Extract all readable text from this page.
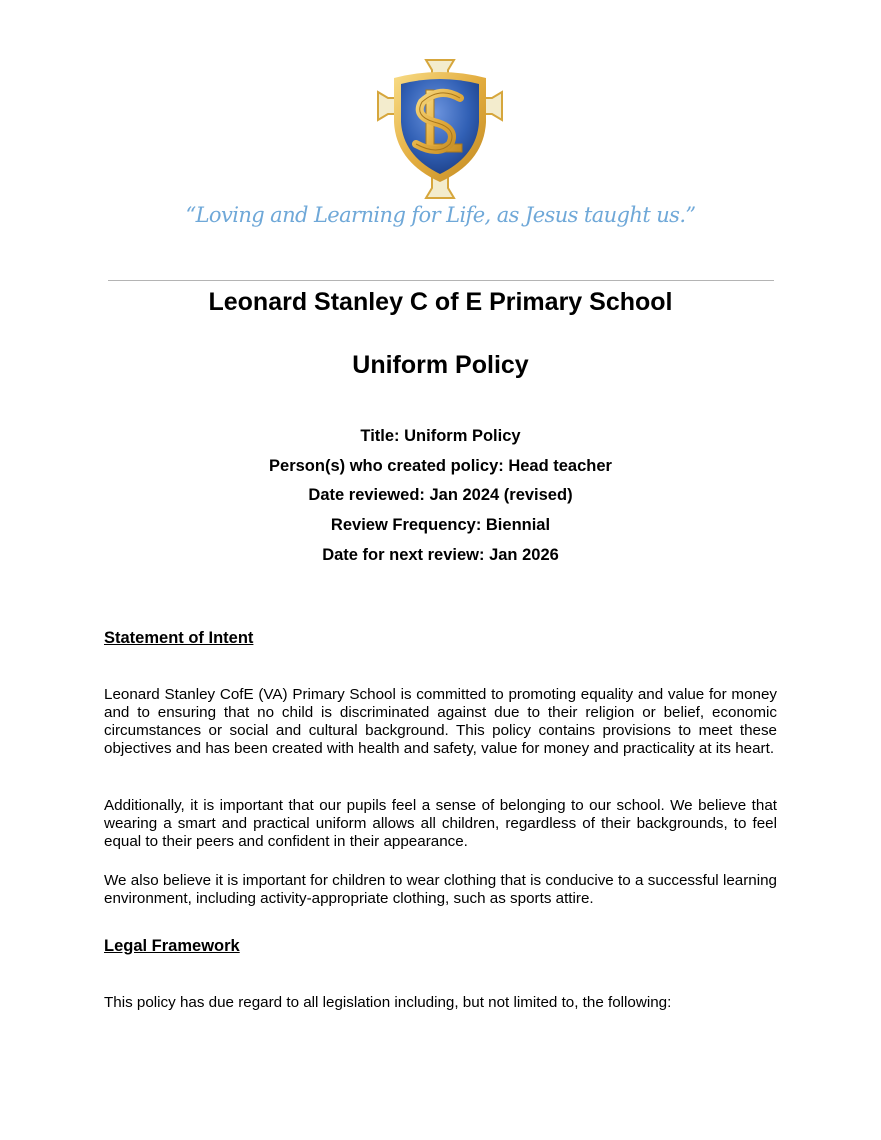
“Loving and Learning for Life, as Jesus taught us.”
Leonard Stanley C of E Primary School
Uniform Policy
Title: Uniform Policy
Person(s) who created policy: Head teacher
Date reviewed: Jan 2024 (revised)
Review Frequency: Biennial
Date for next review: Jan 2026
Statement of Intent

Leonard Stanley CofE (VA) Primary School is committed to promoting equality and value for money and to ensuring that no child is discriminated against due to their religion or belief, economic circumstances or social and cultural background. This policy contains provisions to meet these objectives and has been created with health and safety, value for money and practicality at its heart.

Additionally, it is important that our pupils feel a sense of belonging to our school. We believe that wearing a smart and practical uniform allows all children, regardless of their backgrounds, to feel equal to their peers and confident in their appearance.

We also believe it is important for children to wear clothing that is conducive to a successful learning environment, including activity-appropriate clothing, such as sports attire.

Legal Framework

This policy has due regard to all legislation including, but not limited to, the following:
